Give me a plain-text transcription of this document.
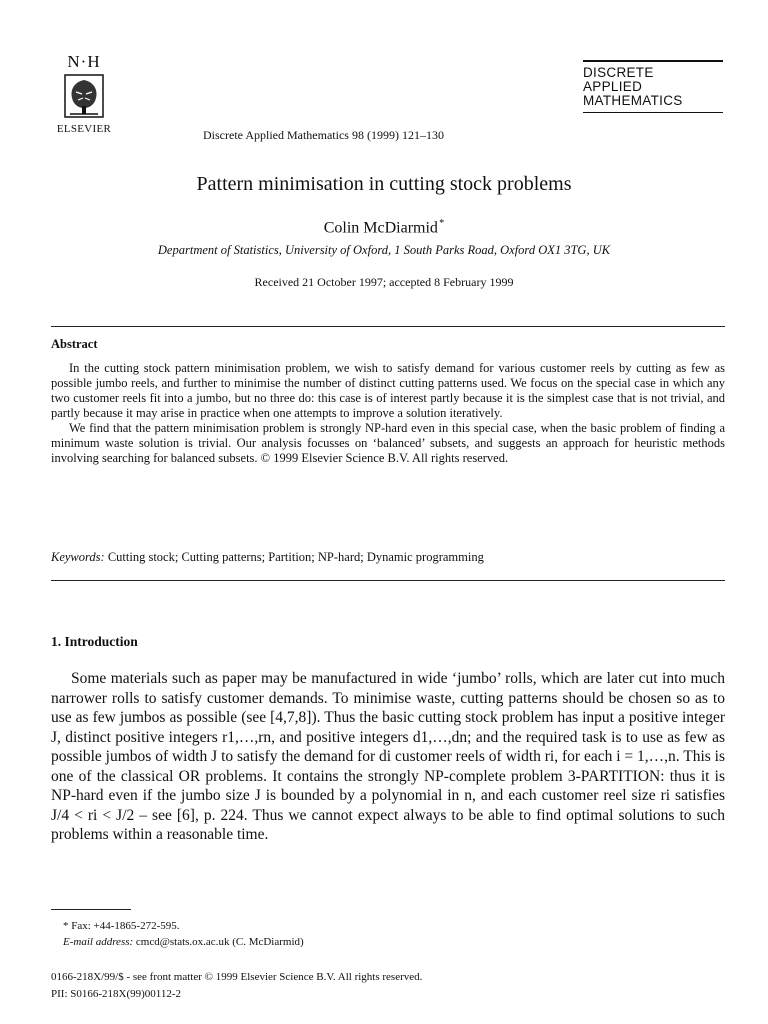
N·H
ELSEVIER	Discrete Applied Mathematics 98 (1999) 121–130
DISCRETE
APPLIED
MATHEMATICS
Pattern minimisation in cutting stock problems
Colin McDiarmid *
Department of Statistics, University of Oxford, 1 South Parks Road, Oxford OX1 3TG, UK
Received 21 October 1997; accepted 8 February 1999
Abstract

In the cutting stock pattern minimisation problem, we wish to satisfy demand for various customer reels by cutting as few as possible jumbo reels, and further to minimise the number of distinct cutting patterns used. We focus on the special case in which any two customer reels fit into a jumbo, but no three do: this case is of interest partly because it is the simplest case that is not trivial, and partly because it may arise in practice when one attempts to improve a solution iteratively.

We find that the pattern minimisation problem is strongly NP-hard even in this special case, when the basic problem of finding a minimum waste solution is trivial. Our analysis focusses on ‘balanced’ subsets, and suggests an approach for heuristic methods involving searching for balanced subsets. © 1999 Elsevier Science B.V. All rights reserved.

Keywords: Cutting stock; Cutting patterns; Partition; NP-hard; Dynamic programming
1. Introduction

Some materials such as paper may be manufactured in wide ‘jumbo’ rolls, which are later cut into much narrower rolls to satisfy customer demands. To minimise waste, cutting patterns should be chosen so as to use as few jumbos as possible (see [4,7,8]). Thus the basic cutting stock problem has input a positive integer J, distinct positive integers r1,…,rn, and positive integers d1,…,dn; and the required task is to use as few as possible jumbos of width J to satisfy the demand for di customer reels of width ri, for each i = 1,…,n. This is one of the classical OR problems. It contains the strongly NP-complete problem 3-PARTITION: thus it is NP-hard even if the jumbo size J is bounded by a polynomial in n, and each customer reel size ri satisfies J/4 < ri < J/2 – see [6], p. 224. Thus we cannot expect always to be able to find optimal solutions to such problems within a reasonable time.

* Fax: +44-1865-272-595.
E-mail address: cmcd@stats.ox.ac.uk (C. McDiarmid)
0166-218X/99/$ - see front matter © 1999 Elsevier Science B.V. All rights reserved.
PII: S0166-218X(99)00112-2
